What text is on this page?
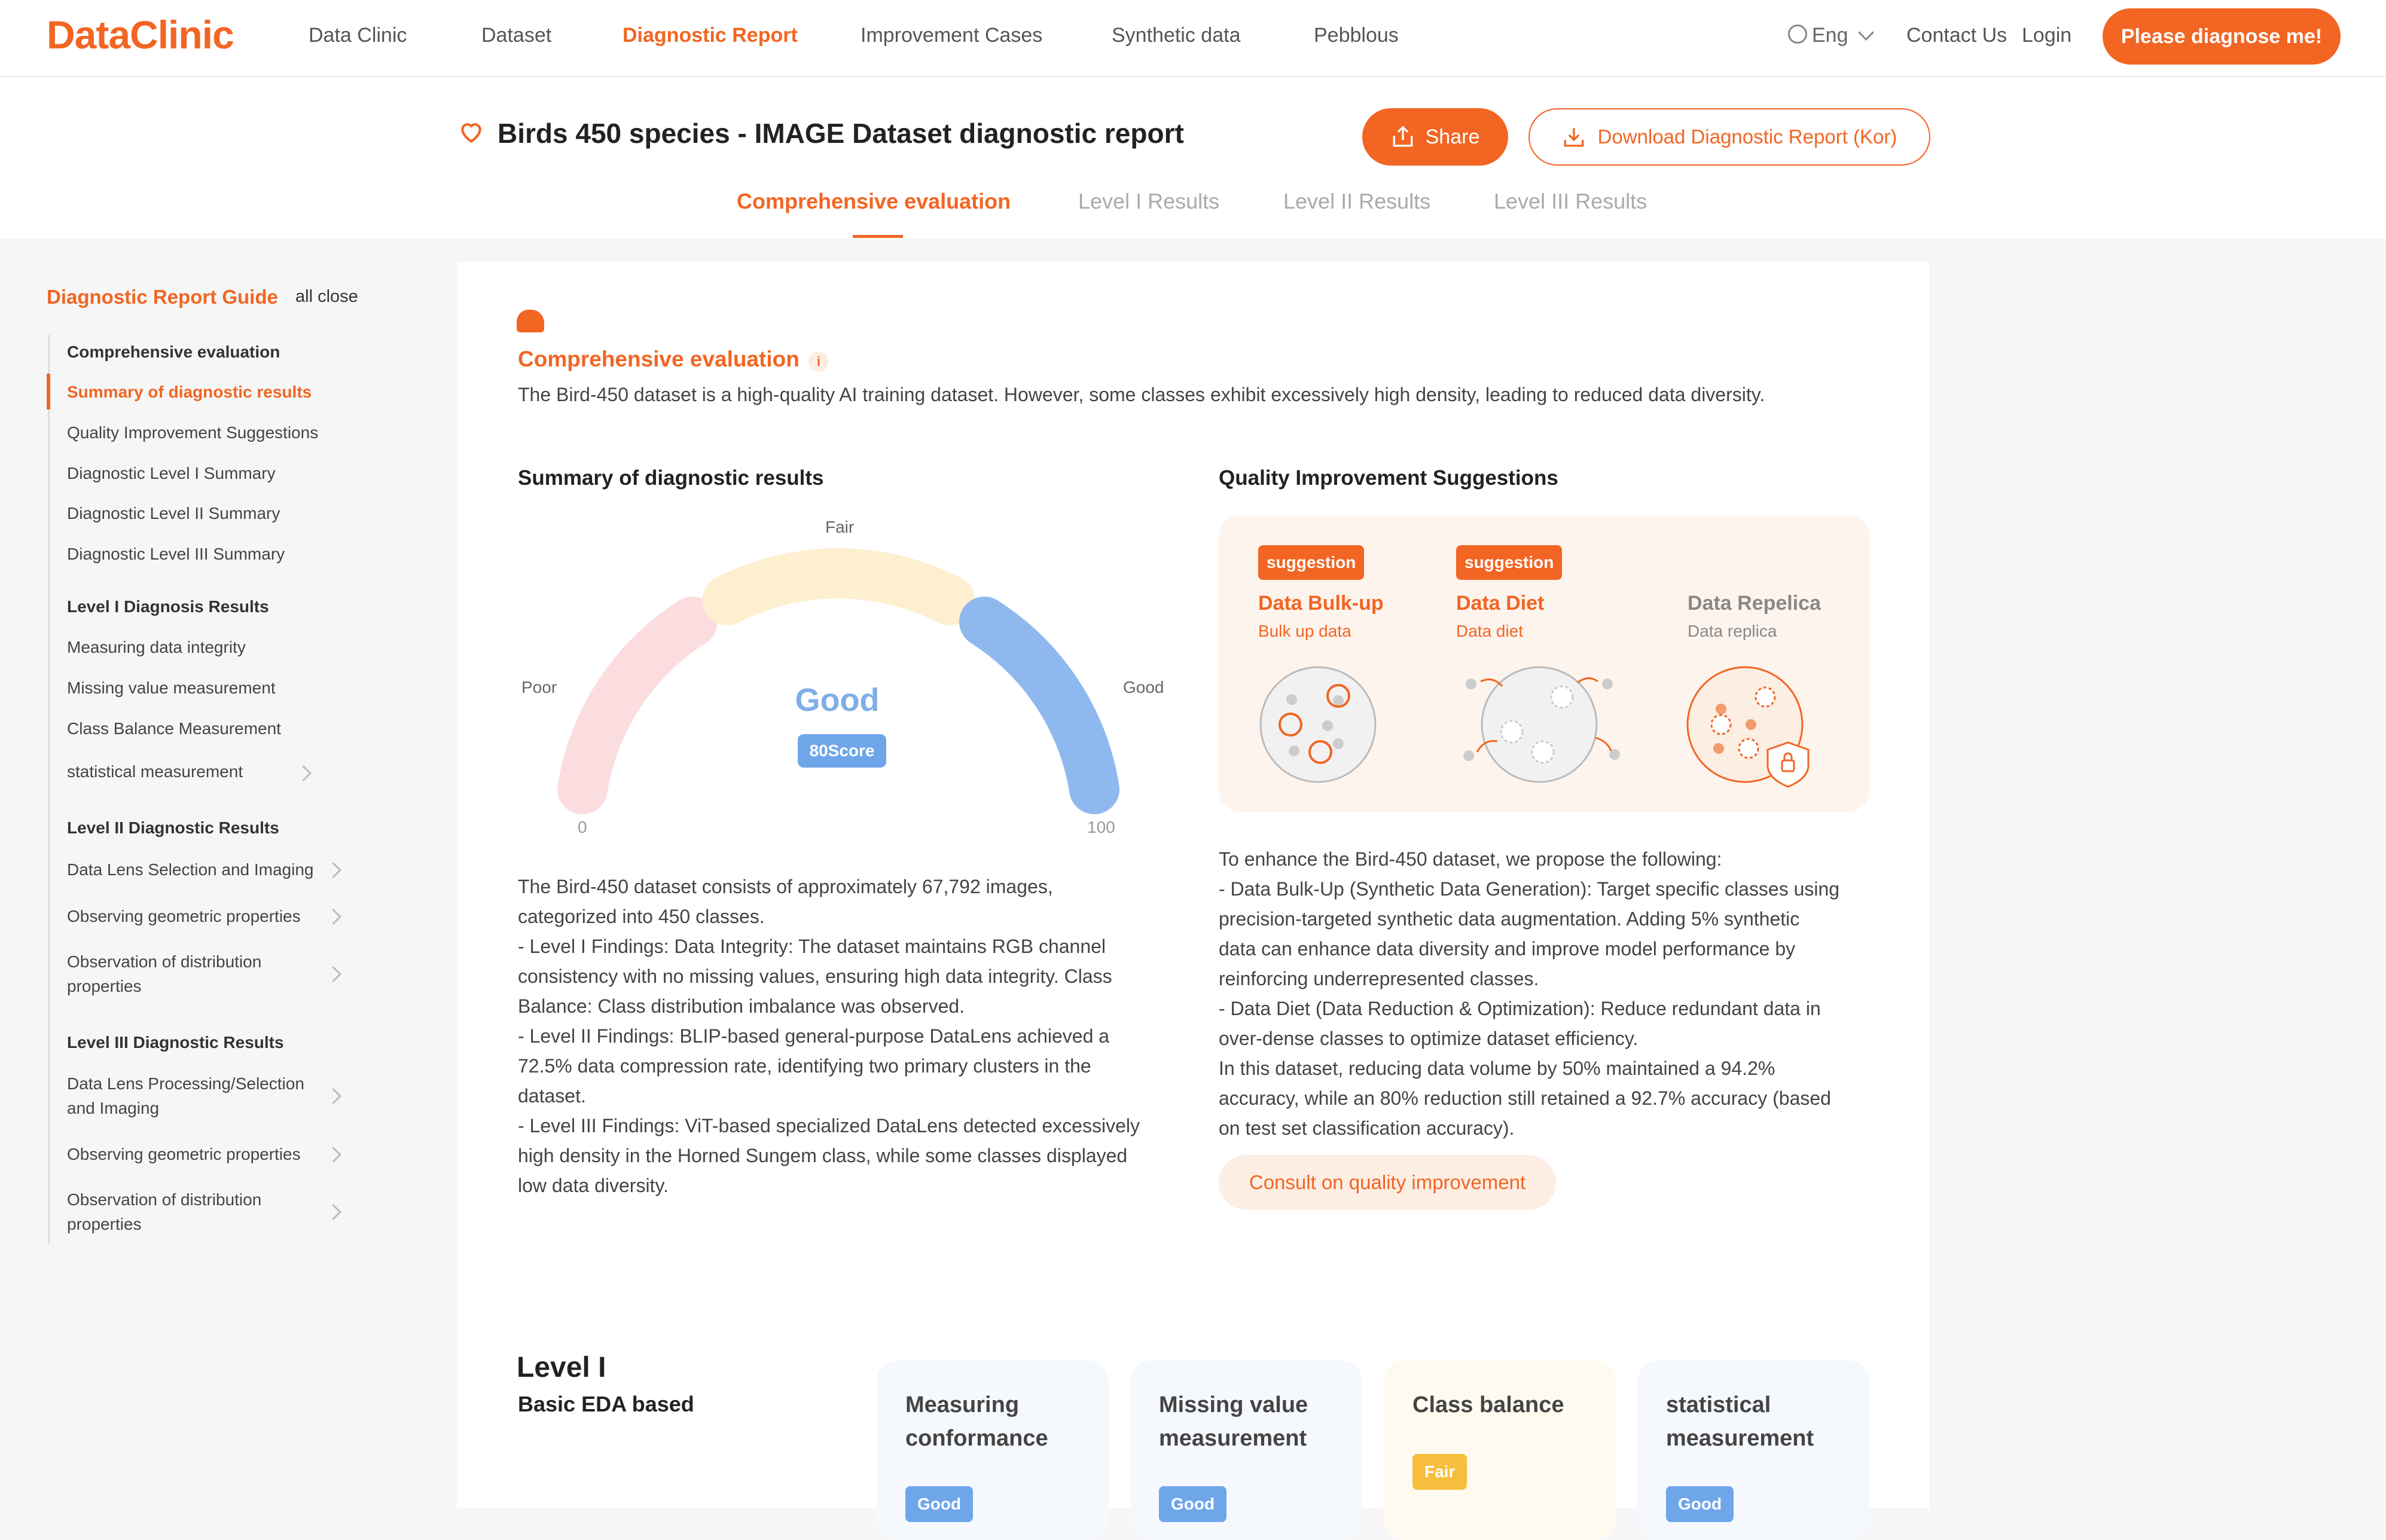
DataClinic	Data Clinic	Dataset	Diagnostic Report	Improvement Cases	Synthetic data	Pebblous	Eng	Contact Us Login	Please diagnose me!
Birds 450 species - IMAGE Dataset diagnostic report	Share	Download Diagnostic Report (Kor)
Comprehensive evaluation	Level I Results	Level II Results	Level III Results
Diagnostic Report Guide all close
Comprehensive evaluation
Summary of diagnostic results
Quality Improvement Suggestions
Diagnostic Level I Summary
Diagnostic Level II Summary
Diagnostic Level III Summary
Level I Diagnosis Results
Measuring data integrity
Missing value measurement
Class Balance Measurement
statistical measurement
Level II Diagnostic Results
Data Lens Selection and Imaging
Observing geometric properties
Observation of distribution
properties
Level III Diagnostic Results
Data Lens Processing/Selection
and Imaging
Observing geometric properties
Observation of distribution
properties
Comprehensive evaluation	i
The Bird-450 dataset is a high-quality AI training dataset. However, some classes exhibit excessively high density, leading to reduced data diversity.
Summary of diagnostic results
Fair
Poor	Good
0	100
Good
80Score
The Bird-450 dataset consists of approximately 67,792 images,
categorized into 450 classes.
- Level I Findings: Data Integrity: The dataset maintains RGB channel
consistency with no missing values, ensuring high data integrity. Class
Balance: Class distribution imbalance was observed.
- Level II Findings: BLIP-based general-purpose DataLens achieved a
72.5% data compression rate, identifying two primary clusters in the
dataset.
- Level III Findings: ViT-based specialized DataLens detected excessively
high density in the Horned Sungem class, while some classes displayed
low data diversity.
Quality Improvement Suggestions
suggestion
Data Bulk-up
Bulk up data
suggestion
Data Diet
Data diet
Data Repelica
Data replica
To enhance the Bird-450 dataset, we propose the following:
- Data Bulk-Up (Synthetic Data Generation): Target specific classes using
precision-targeted synthetic data augmentation. Adding 5% synthetic
data can enhance data diversity and improve model performance by
reinforcing underrepresented classes.
- Data Diet (Data Reduction & Optimization): Reduce redundant data in
over-dense classes to optimize dataset efficiency.
In this dataset, reducing data volume by 50% maintained a 94.2%
accuracy, while an 80% reduction still retained a 92.7% accuracy (based
on test set classification accuracy).
Consult on quality improvement
Level I
Basic EDA based	Measuring
conformance
Good
Missing value
measurement
Good
Class balance
Fair
statistical
measurement
Good
